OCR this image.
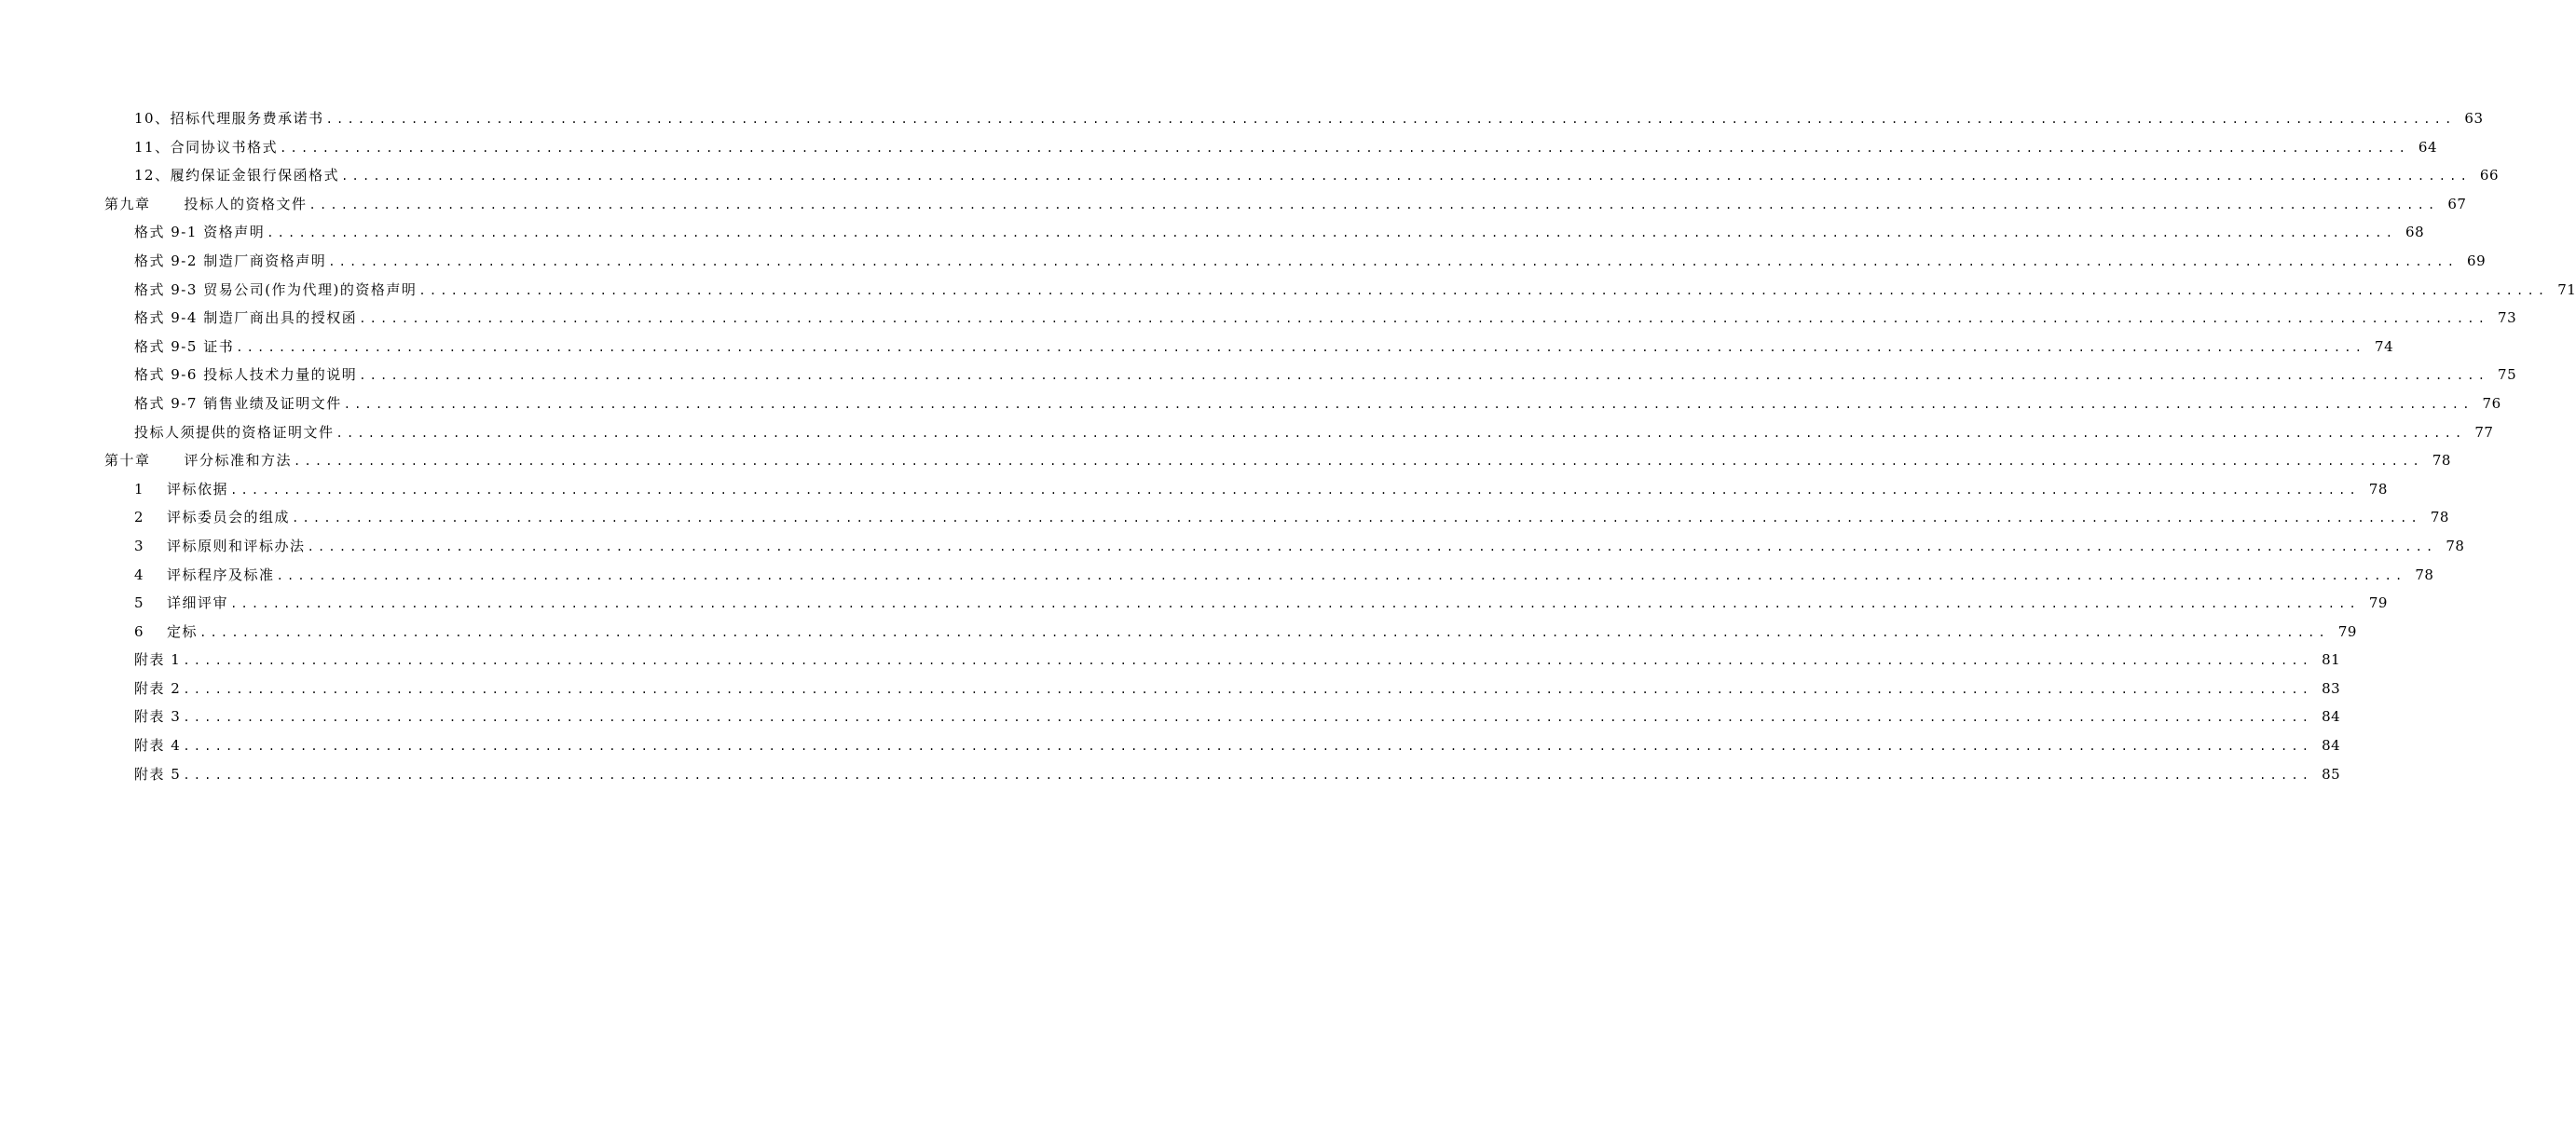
10、招标代理服务费承诺书 ........................................................................................................................................................................................................ 63
11、合同协议书格式 ........................................................................................................................................................................................................ 64
12、履约保证金银行保函格式 ........................................................................................................................................................................................................ 66
第九章 投标人的资格文件 ........................................................................................................................................................................................................ 67
格式 9-1 资格声明 ........................................................................................................................................................................................................ 68
格式 9-2 制造厂商资格声明 ........................................................................................................................................................................................................ 69
格式 9-3 贸易公司(作为代理)的资格声明 ........................................................................................................................................................................................................ 71
格式 9-4 制造厂商出具的授权函 ........................................................................................................................................................................................................ 73
格式 9-5 证书 ........................................................................................................................................................................................................ 74
格式 9-6 投标人技术力量的说明 ........................................................................................................................................................................................................ 75
格式 9-7 销售业绩及证明文件 ........................................................................................................................................................................................................ 76
投标人须提供的资格证明文件 ........................................................................................................................................................................................................ 77
第十章 评分标准和方法 ........................................................................................................................................................................................................ 78
1 评标依据 ........................................................................................................................................................................................................ 78
2 评标委员会的组成 ........................................................................................................................................................................................................ 78
3 评标原则和评标办法 ........................................................................................................................................................................................................ 78
4 评标程序及标准 ........................................................................................................................................................................................................ 78
5 详细评审 ........................................................................................................................................................................................................ 79
6 定标 ........................................................................................................................................................................................................ 79
附表 1 ........................................................................................................................................................................................................ 81
附表 2 ........................................................................................................................................................................................................ 83
附表 3 ........................................................................................................................................................................................................ 84
附表 4 ........................................................................................................................................................................................................ 84
附表 5 ........................................................................................................................................................................................................ 85
